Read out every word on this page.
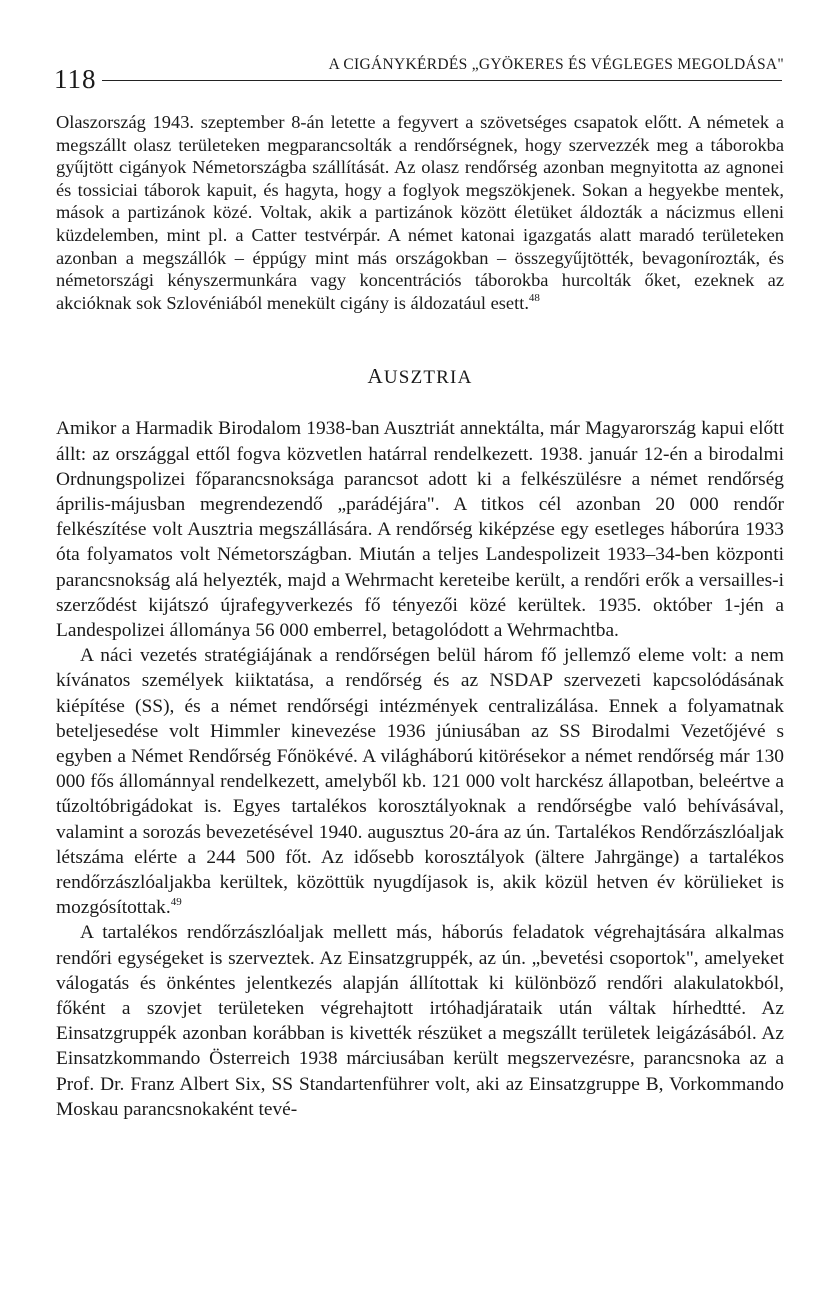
118	A CIGÁNYKÉRDÉS „GYÖKERES ÉS VÉGLEGES MEGOLDÁSA"

Olaszország 1943. szeptember 8-án letette a fegyvert a szövetséges csapatok előtt. A németek a megszállt olasz területeken megparancsolták a rendőrségnek, hogy szervezzék meg a táborokba gyűjtött cigányok Németországba szállítását. Az olasz rendőrség azonban megnyitotta az agnonei és tossiciai táborok kapuit, és hagyta, hogy a foglyok megszökjenek. Sokan a hegyekbe mentek, mások a partizánok közé. Voltak, akik a partizánok között életüket áldozták a nácizmus elleni küzdelemben, mint pl. a Catter testvérpár. A német katonai igazgatás alatt maradó területeken azonban a megszállók – éppúgy mint más országokban – összegyűjtötték, bevagonírozták, és németországi kényszermunkára vagy koncentrációs táborokba hurcolták őket, ezeknek az akcióknak sok Szlovéniából menekült cigány is áldozatául esett.$^{48}$

AUSZTRIA

Amikor a Harmadik Birodalom 1938-ban Ausztriát annektálta, már Magyarország kapui előtt állt: az országgal ettől fogva közvetlen határral rendelkezett. 1938. január 12-én a birodalmi Ordnungspolizei főparancsnoksága parancsot adott ki a felkészülésre a német rendőrség április-májusban megrendezendő „parádéjára". A titkos cél azonban 20 000 rendőr felkészítése volt Ausztria megszállására. A rendőrség kiképzése egy esetleges háborúra 1933 óta folyamatos volt Németországban. Miután a teljes Landespolizeit 1933–34-ben központi parancsnokság alá helyezték, majd a Wehrmacht kereteibe került, a rendőri erők a versailles-i szerződést kijátszó újrafegyverkezés fő tényezői közé kerültek. 1935. október 1-jén a Landespolizei állománya 56 000 emberrel, betagolódott a Wehrmachtba.

A náci vezetés stratégiájának a rendőrségen belül három fő jellemző eleme volt: a nem kívánatos személyek kiiktatása, a rendőrség és az NSDAP szervezeti kapcsolódásának kiépítése (SS), és a német rendőrségi intézmények centralizálása. Ennek a folyamatnak beteljesedése volt Himmler kinevezése 1936 júniusában az SS Birodalmi Vezetőjévé s egyben a Német Rendőrség Főnökévé. A világháború kitörésekor a német rendőrség már 130 000 fős állománnyal rendelkezett, amelyből kb. 121 000 volt harckész állapotban, beleértve a tűzoltóbrigádokat is. Egyes tartalékos korosztályoknak a rendőrségbe való behívásával, valamint a sorozás bevezetésével 1940. augusztus 20-ára az ún. Tartalékos Rendőrzászlóaljak létszáma elérte a 244 500 főt. Az idősebb korosztályok (ältere Jahrgänge) a tartalékos rendőrzászlóaljakba kerültek, közöttük nyugdíjasok is, akik közül hetven év körülieket is mozgósítottak.$^{49}$

A tartalékos rendőrzászlóaljak mellett más, háborús feladatok végrehajtására alkalmas rendőri egységeket is szerveztek. Az Einsatzgruppék, az ún. „bevetési csoportok", amelyeket válogatás és önkéntes jelentkezés alapján állítottak ki különböző rendőri alakulatokból, főként a szovjet területeken végrehajtott irtóhadjárataik után váltak hírhedtté. Az Einsatzgruppék azonban korábban is kivették részüket a megszállt területek leigázásából. Az Einsatzkommando Österreich 1938 márciusában került megszervezésre, parancsnoka az a Prof. Dr. Franz Albert Six, SS Standartenführer volt, aki az Einsatzgruppe B, Vorkommando Moskau parancsnokaként tevé-
